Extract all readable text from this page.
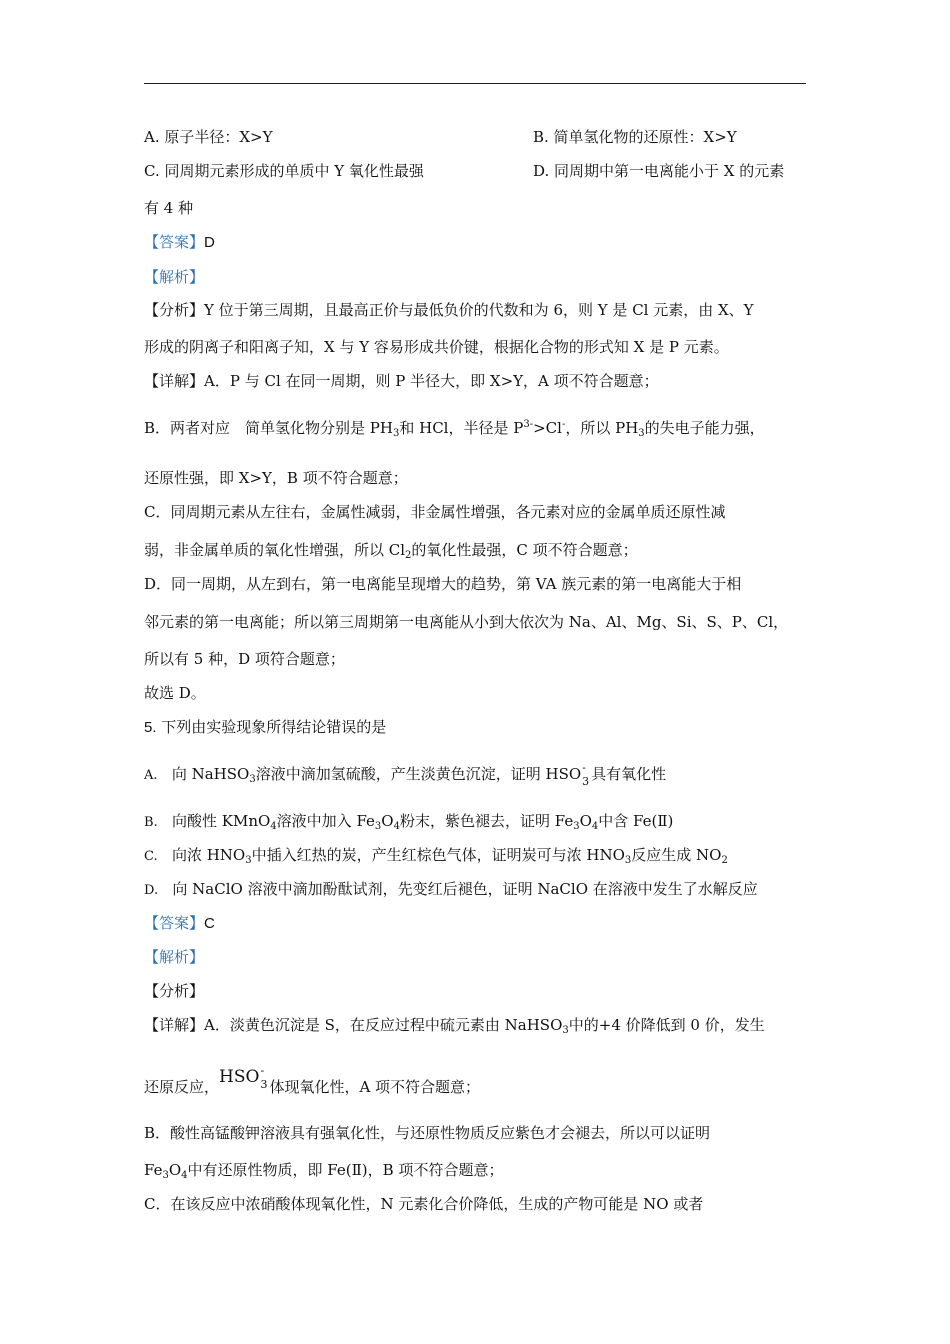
A. 原子半径：X>Y	B. 简单氢化物的还原性：X>Y
C. 同周期元素形成的单质中 Y 氧化性最强	D. 同周期中第一电离能小于 X 的元素
有 4 种
【答案】D
【解析】
【分析】Y 位于第三周期，且最高正价与最低负价的代数和为 6，则 Y 是 Cl 元素，由 X、Y
形成的阴离子和阳离子知，X 与 Y 容易形成共价键，根据化合物的形式知 X 是 P 元素。
【详解】A．P 与 Cl 在同一周期，则 P 半径大，即 X>Y，A 项不符合题意；
B．两者对应　简单氢化物分别是 $PH_3$和 HCl，半径是 $P^{3-}>Cl^-$，所以 $PH_3$的失电子能力强，
还原性强，即 X>Y，B 项不符合题意；
C．同周期元素从左往右，金属性减弱，非金属性增强，各元素对应的金属单质还原性减
弱，非金属单质的氧化性增强，所以 $Cl_2$的氧化性最强，C 项不符合题意；
D．同一周期，从左到右，第一电离能呈现增大的趋势，第 VA 族元素的第一电离能大于相
邻元素的第一电离能；所以第三周期第一电离能从小到大依次为 Na、Al、Mg、Si、S、P、Cl，
所以有 5 种，D 项符合题意；
故选 D。
5. 下列由实验现象所得结论错误的是
A. 向 NaHSO$_3$溶液中滴加氢硫酸，产生淡黄色沉淀，证明 HSO -
3 具有氧化性
B. 向酸性 KMnO$_4$溶液中加入 $Fe_3O_4$粉末，紫色褪去，证明 $Fe_3O_4$中含 Fe(Ⅱ)
C. 向浓 $HNO_3$中插入红热的炭，产生红棕色气体，证明炭可与浓 $HNO_3$反应生成 $NO_2$
D. 向 NaClO 溶液中滴加酚酞试剂，先变红后褪色，证明 NaClO 在溶液中发生了水解反应
【答案】C
【解析】
【分析】
【详解】A．淡黄色沉淀是 S，在反应过程中硫元素由 NaHSO$_3$中的+4 价降低到 0 价，发生
还原反应，HSO -
3 体现氧化性，A 项不符合题意；
B．酸性高锰酸钾溶液具有强氧化性，与还原性物质反应紫色才会褪去，所以可以证明
$Fe_3O_4$中有还原性物质，即 Fe(Ⅱ)，B 项不符合题意；
C．在该反应中浓硝酸体现氧化性，N 元素化合价降低，生成的产物可能是 NO 或者
